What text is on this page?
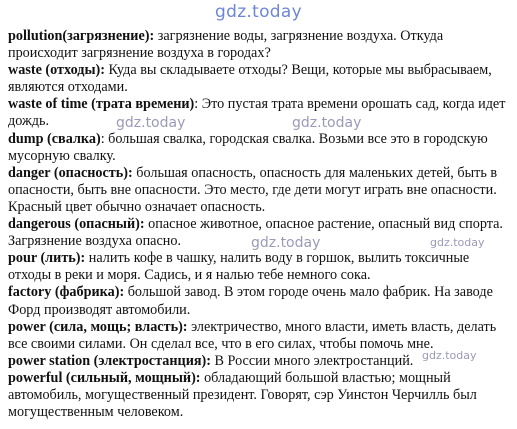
gdz.today

pollution(загрязнение): загрязнение воды, загрязнение воздуха. Откуда происходит загрязнение воздуха в городах?

waste (отходы): Куда вы складываете отходы? Вещи, которые мы выбрасываем, являются отходами.

waste of time (трата времени): Это пустая трата времени орошать сад, когда идет дождь.

dump (свалка): большая свалка, городская свалка. Возьми все это в городскую мусорную свалку.

danger (опасность): большая опасность, опасность для маленьких детей, быть в опасности, быть вне опасности. Это место, где дети могут играть вне опасности. Красный цвет обычно означает опасность.

dangerous (опасный): опасное животное, опасное растение, опасный вид спорта. Загрязнение воздуха опасно.

pour (лить): налить кофе в чашку, налить воду в горшок, вылить токсичные отходы в реки и моря. Садись, и я налью тебе немного сока.

factory (фабрика): большой завод. В этом городе очень мало фабрик. На заводе Форд производят автомобили.

power (сила, мощь; власть): электричество, много власти, иметь власть, делать все своими силами. Он сделал все, что в его силах, чтобы помочь мне.

power station (электростанция): В России много электростанций.

powerful (сильный, мощный): обладающий большой властью; мощный автомобиль, могущественный президент. Говорят, сэр Уинстон Черчилль был могущественным человеком.

gdz.today	gdz.today
gdz.today	gdz.today
gdz.today
